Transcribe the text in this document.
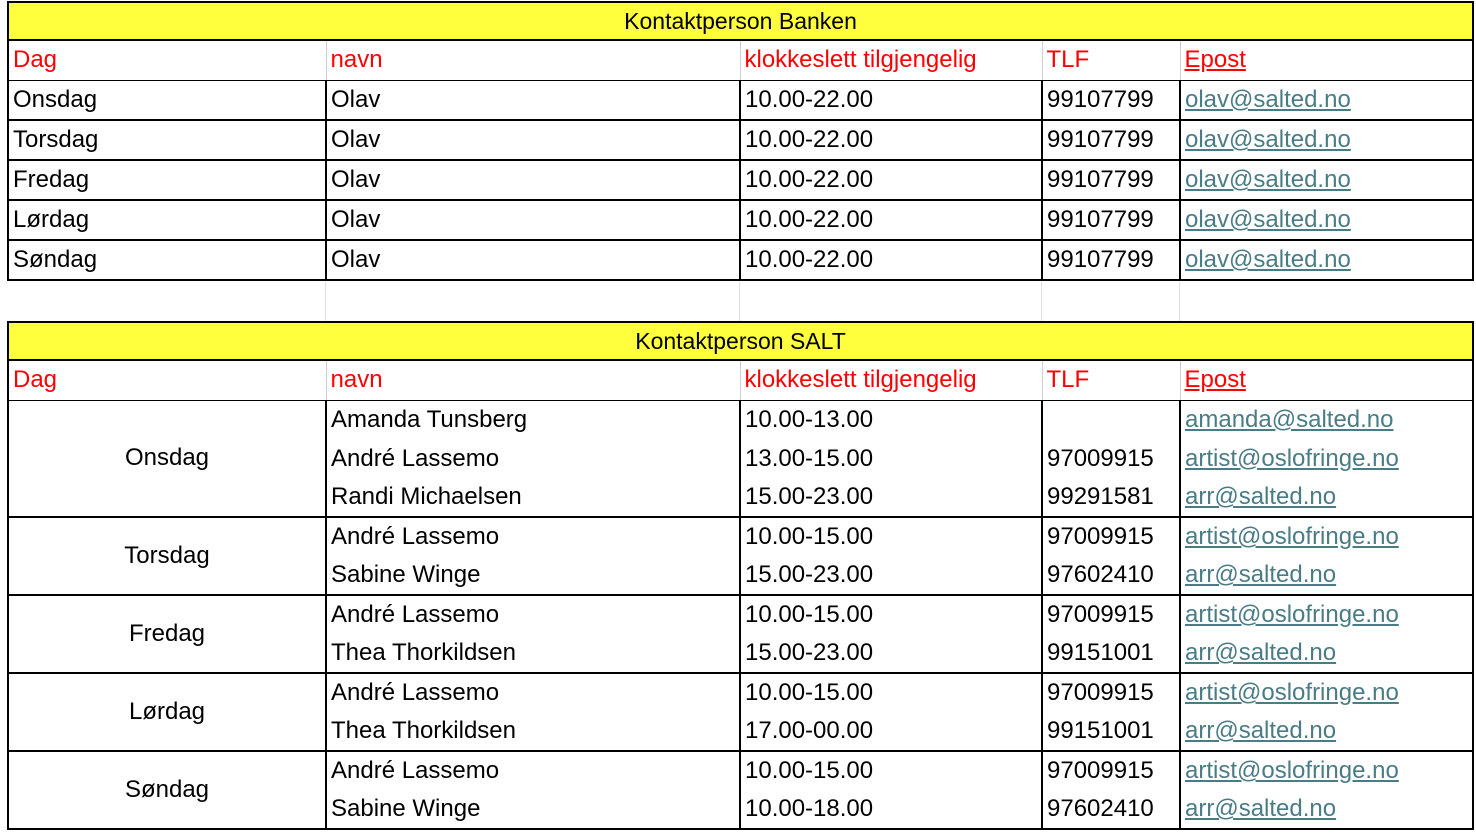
Kontaktperson Banken
Dag	navn	klokkeslett tilgjengelig	TLF	Epost
Onsdag	Olav	10.00-22.00	99107799	olav@salted.no
Torsdag	Olav	10.00-22.00	99107799	olav@salted.no
Fredag	Olav	10.00-22.00	99107799	olav@salted.no
Lørdag	Olav	10.00-22.00	99107799	olav@salted.no
Søndag	Olav	10.00-22.00	99107799	olav@salted.no
Kontaktperson SALT
Dag	navn	klokkeslett tilgjengelig	TLF	Epost
Onsdag	Amanda Tunsberg	10.00-13.00		amanda@salted.no
	André Lassemo	13.00-15.00	97009915	artist@oslofringe.no
	Randi Michaelsen	15.00-23.00	99291581	arr@salted.no
Torsdag	André Lassemo	10.00-15.00	97009915	artist@oslofringe.no
	Sabine Winge	15.00-23.00	97602410	arr@salted.no
Fredag	André Lassemo	10.00-15.00	97009915	artist@oslofringe.no
	Thea Thorkildsen	15.00-23.00	99151001	arr@salted.no
Lørdag	André Lassemo	10.00-15.00	97009915	artist@oslofringe.no
	Thea Thorkildsen	17.00-00.00	99151001	arr@salted.no
Søndag	André Lassemo	10.00-15.00	97009915	artist@oslofringe.no
	Sabine Winge	10.00-18.00	97602410	arr@salted.no
